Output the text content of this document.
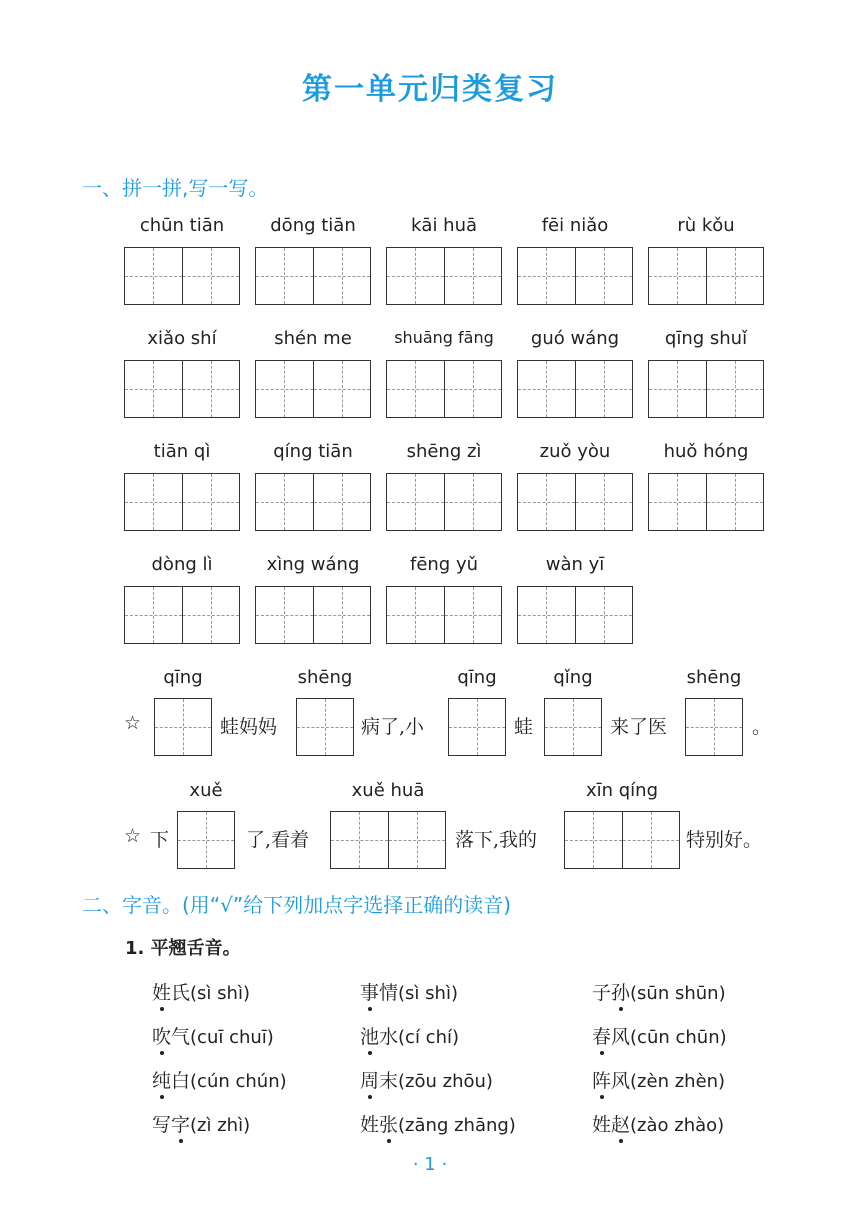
第一单元归类复习
一、拼一拼,写一写。
chūn tiān	dōng tiān	kāi huā	fēi niǎo	rù kǒu
xiǎo shí	shén me	shuāng fāng	guó wáng	qīng shuǐ
tiān qì	qíng tiān	shēng zì	zuǒ yòu	huǒ hóng
dòng lì	xìng wáng	fēng yǔ	wàn yī
qīng	shēng	qīng	qǐng	shēng
☆	蛙妈妈	病了,小	蛙	来了医	。
xuě	xuě huā	xīn qíng
☆ 下	了,看着	落下,我的	特别好。
二、字音。(用“√”给下列加点字选择正确的读音)
1. 平翘舌音。
姓氏(sì shì)	事情(sì shì)	子孙(sūn shūn)
吹气(cuī chuī)	池水(cí chí)	春风(cūn chūn)
纯白(cún chún)	周末(zōu zhōu)	阵风(zèn zhèn)
写字(zì zhì)	姓张(zāng zhāng)	姓赵(zào zhào)
· 1 ·
